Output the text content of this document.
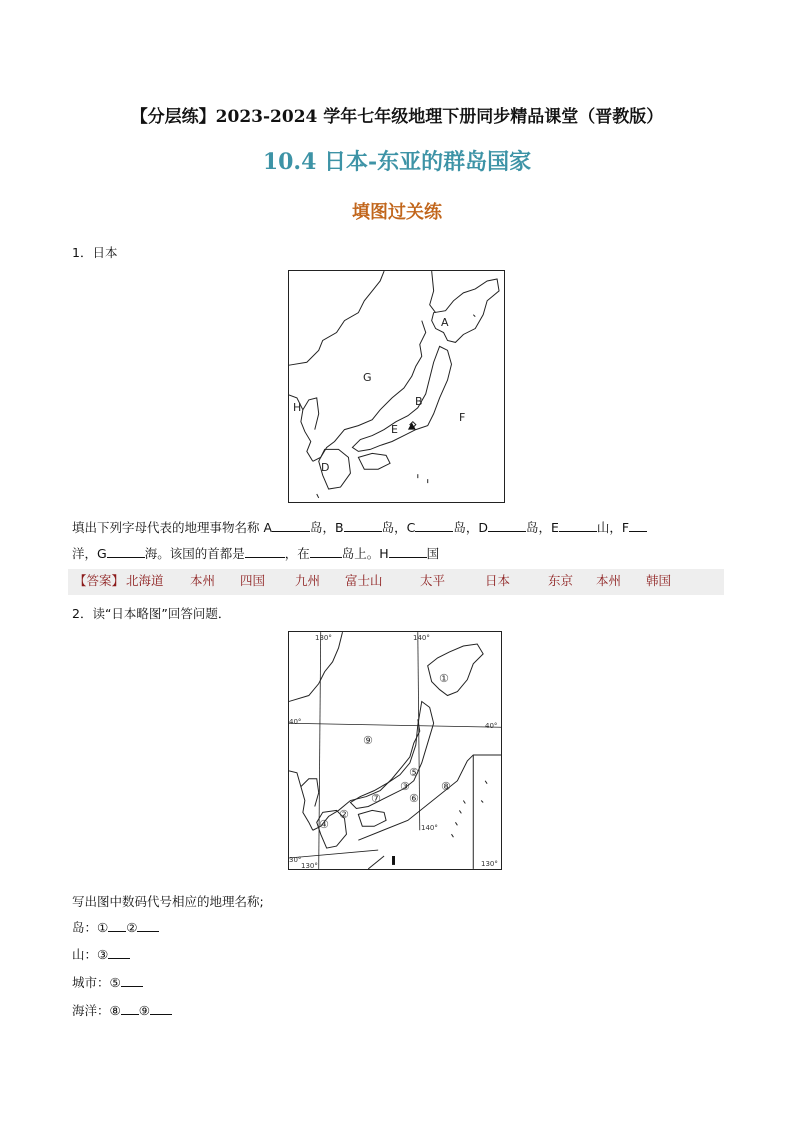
【分层练】2023-2024 学年七年级地理下册同步精品课堂（晋教版）
10.4 日本-东亚的群岛国家
填图过关练
1．日本
A
B
D
E
F
G
H
填出下列字母代表的地理事物名称 A	岛，B	岛，C	岛，D	岛，E	山，F
洋，G	海。该国的首都是	，在	岛上。H	国
【答案】 北海道 本州 四国 九州 富士山	太平	日本	东京 本州 韩国
2．读“日本略图”回答问题．
130°	140°
40°	40°
140°
30°
130°	130°
①
②
③
④
⑤
⑥
⑦
⑧
⑨
写出图中数码代号相应的地理名称;
岛：① ②
山：③
城市：⑤
海洋：⑧ ⑨
